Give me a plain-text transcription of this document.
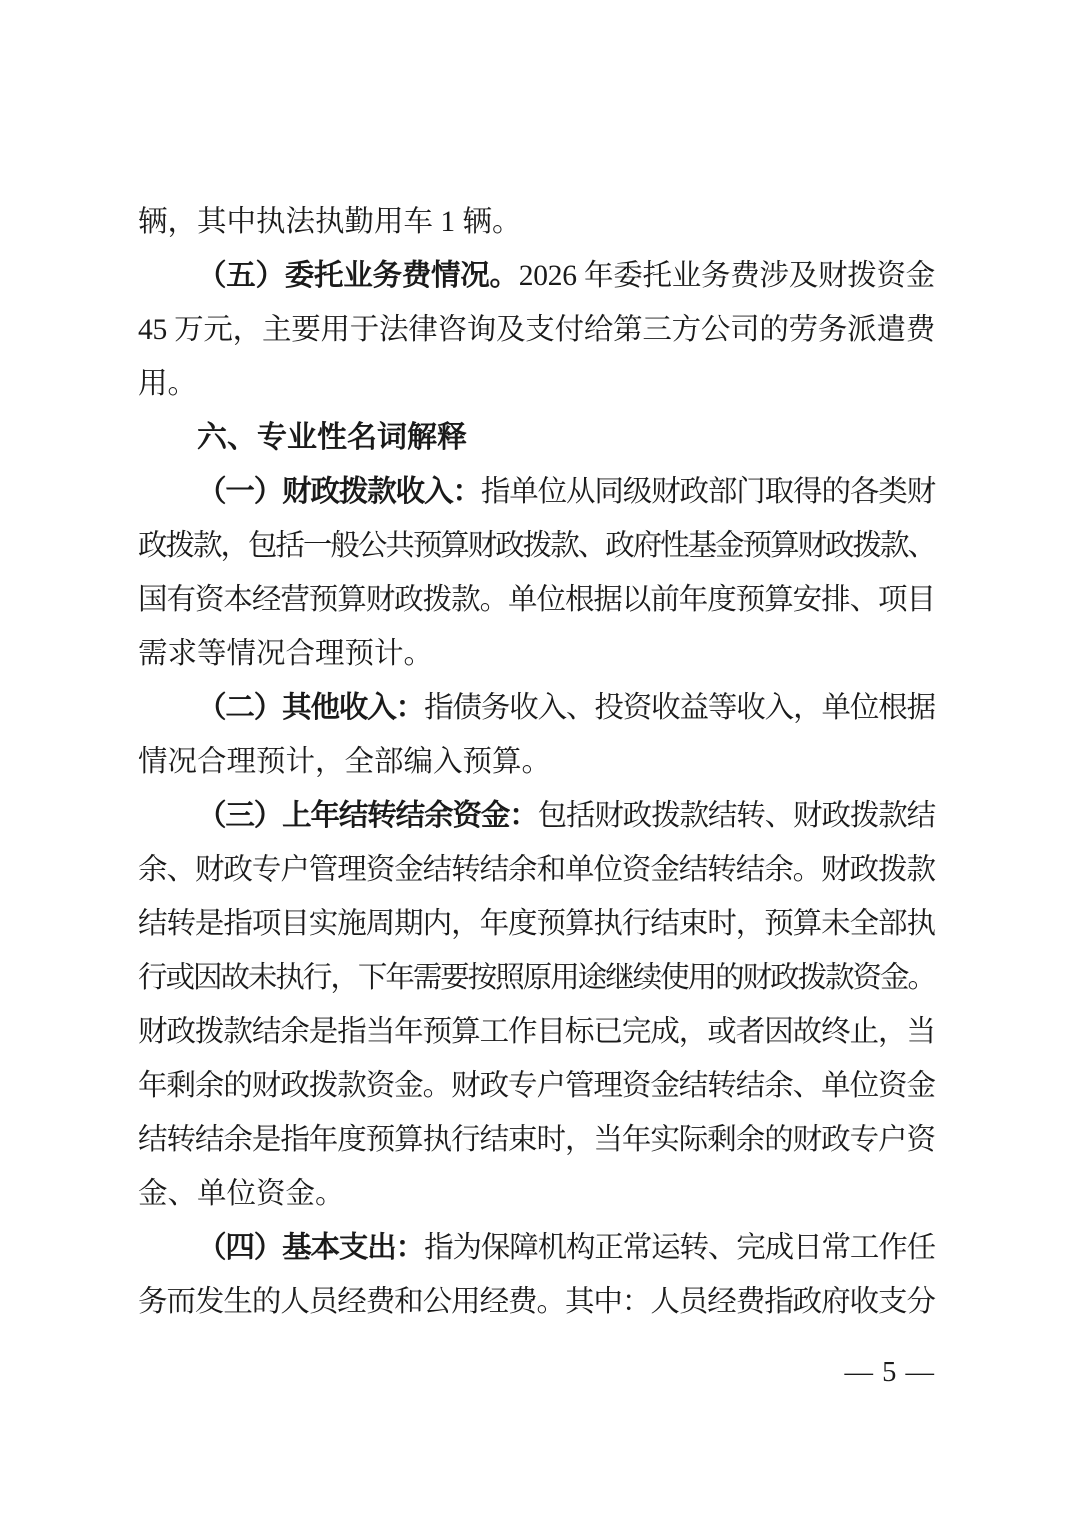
辆，其中执法执勤用车 1 辆。
（五）委托业务费情况。2026 年委托业务费涉及财拨资金
45 万元，主要用于法律咨询及支付给第三方公司的劳务派遣费
用。
六、专业性名词解释
（一）财政拨款收入：指单位从同级财政部门取得的各类财
政拨款，包括一般公共预算财政拨款、政府性基金预算财政拨款、
国有资本经营预算财政拨款。单位根据以前年度预算安排、项目
需求等情况合理预计。
（二）其他收入：指债务收入、投资收益等收入，单位根据
情况合理预计，全部编入预算。
（三）上年结转结余资金：包括财政拨款结转、财政拨款结
余、财政专户管理资金结转结余和单位资金结转结余。财政拨款
结转是指项目实施周期内，年度预算执行结束时，预算未全部执
行或因故未执行，下年需要按照原用途继续使用的财政拨款资金。
财政拨款结余是指当年预算工作目标已完成，或者因故终止，当
年剩余的财政拨款资金。财政专户管理资金结转结余、单位资金
结转结余是指年度预算执行结束时，当年实际剩余的财政专户资
金、单位资金。
（四）基本支出：指为保障机构正常运转、完成日常工作任
务而发生的人员经费和公用经费。其中：人员经费指政府收支分
— 5 —
